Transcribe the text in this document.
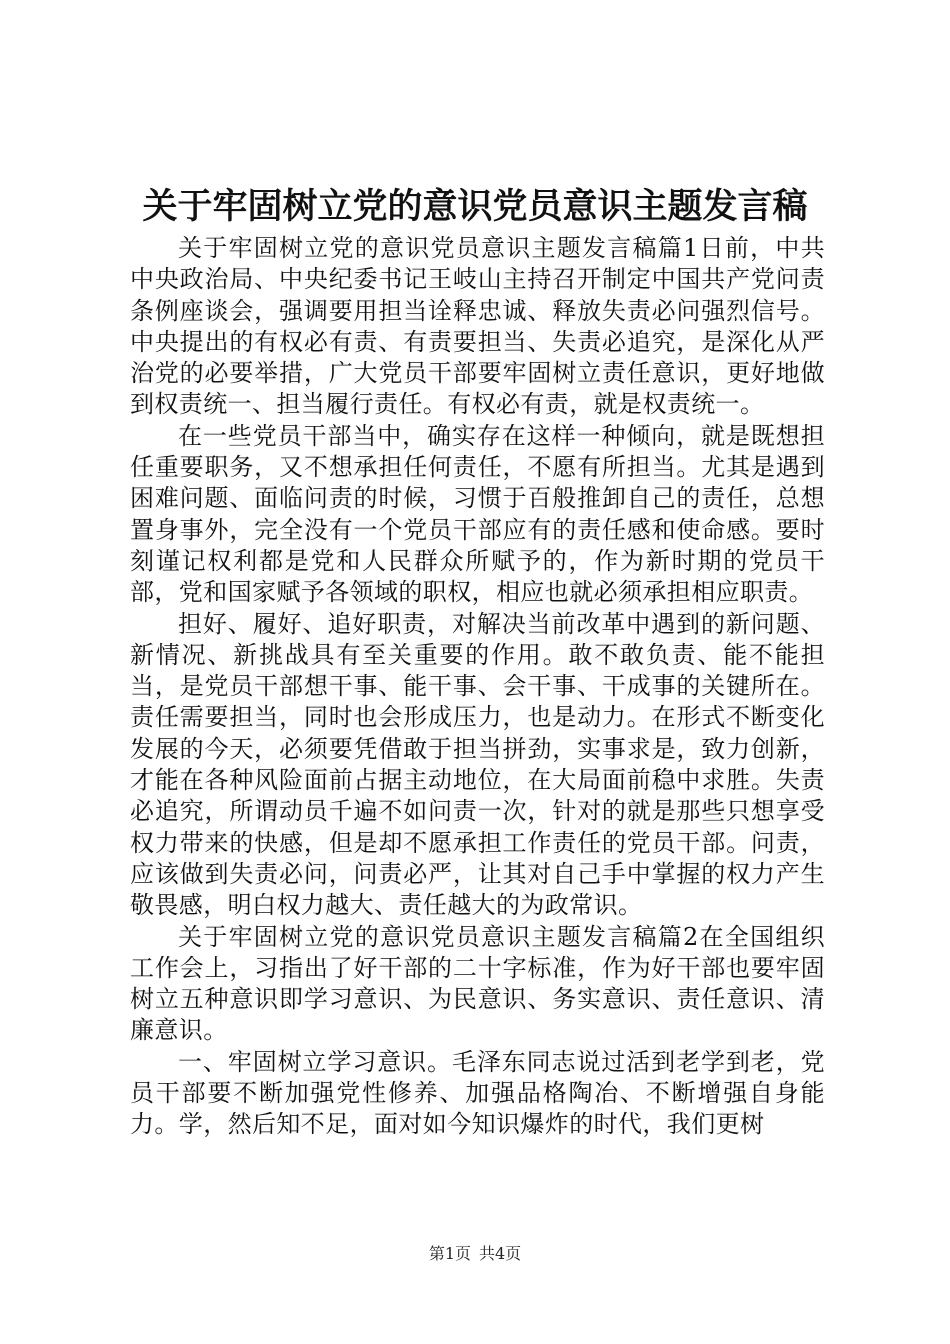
关于牢固树立党的意识党员意识主题发言稿

关于牢固树立党的意识党员意识主题发言稿篇1日前，中共中央政治局、中央纪委书记王岐山主持召开制定中国共产党问责条例座谈会，强调要用担当诠释忠诚、释放失责必问强烈信号。中央提出的有权必有责、有责要担当、失责必追究，是深化从严治党的必要举措，广大党员干部要牢固树立责任意识，更好地做到权责统一、担当履行责任。有权必有责，就是权责统一。

在一些党员干部当中，确实存在这样一种倾向，就是既想担任重要职务，又不想承担任何责任，不愿有所担当。尤其是遇到困难问题、面临问责的时候，习惯于百般推卸自己的责任，总想置身事外，完全没有一个党员干部应有的责任感和使命感。要时刻谨记权利都是党和人民群众所赋予的，作为新时期的党员干部，党和国家赋予各领域的职权，相应也就必须承担相应职责。

担好、履好、追好职责，对解决当前改革中遇到的新问题、新情况、新挑战具有至关重要的作用。敢不敢负责、能不能担当，是党员干部想干事、能干事、会干事、干成事的关键所在。责任需要担当，同时也会形成压力，也是动力。在形式不断变化发展的今天，必须要凭借敢于担当拼劲，实事求是，致力创新，才能在各种风险面前占据主动地位，在大局面前稳中求胜。失责必追究，所谓动员千遍不如问责一次，针对的就是那些只想享受权力带来的快感，但是却不愿承担工作责任的党员干部。问责，应该做到失责必问，问责必严，让其对自己手中掌握的权力产生敬畏感，明白权力越大、责任越大的为政常识。

关于牢固树立党的意识党员意识主题发言稿篇2在全国组织工作会上，习指出了好干部的二十字标准，作为好干部也要牢固树立五种意识即学习意识、为民意识、务实意识、责任意识、清廉意识。

一、牢固树立学习意识。毛泽东同志说过活到老学到老，党员干部要不断加强党性修养、加强品格陶冶、不断增强自身能力。学，然后知不足，面对如今知识爆炸的时代，我们更树

第1页 共4页
